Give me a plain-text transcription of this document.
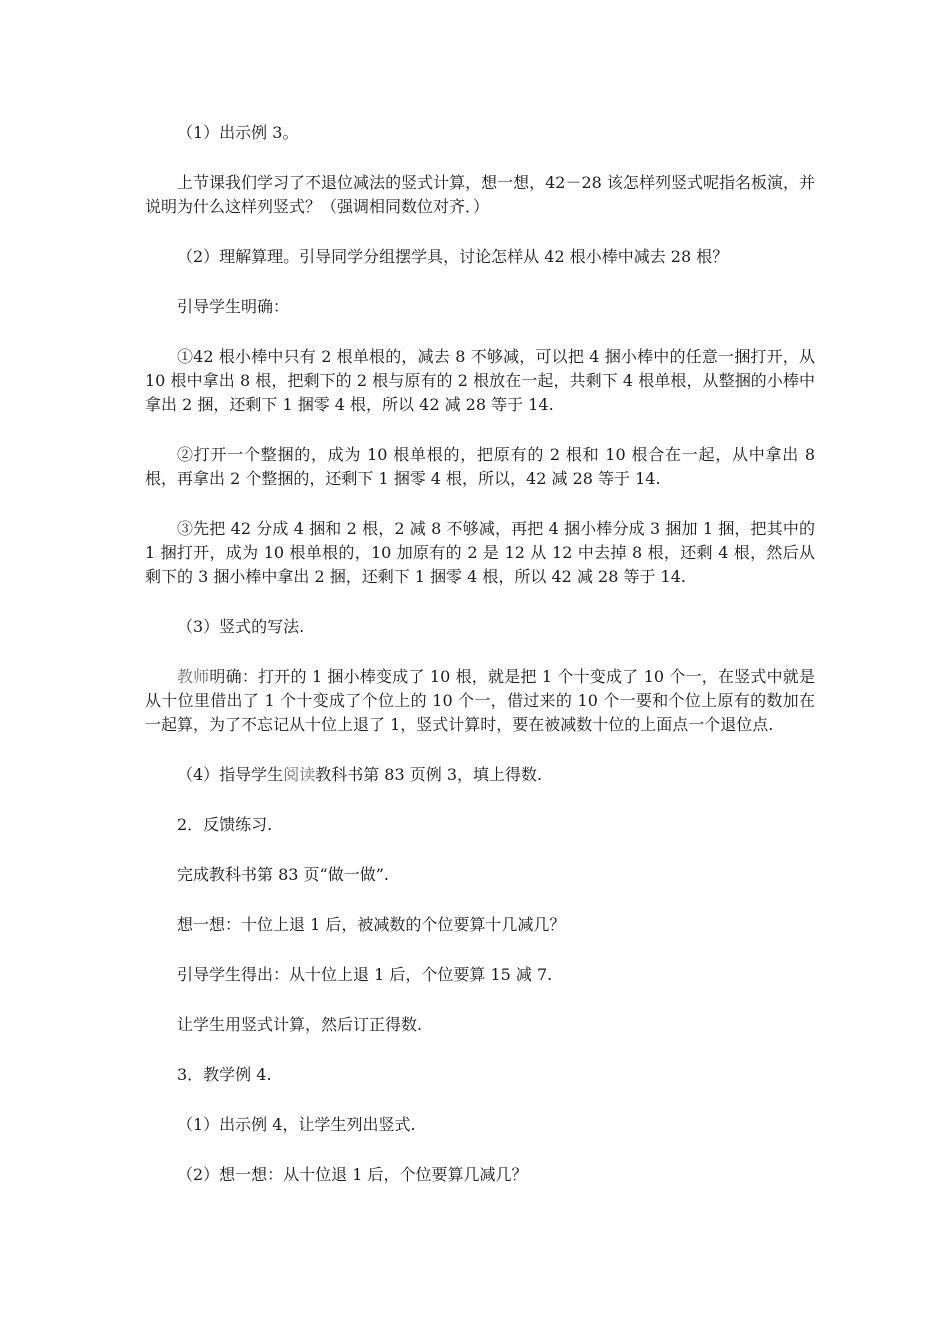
（1）出示例 3。

上节课我们学习了不退位减法的竖式计算，想一想，42－28 该怎样列竖式呢指名板演，并说明为什么这样列竖式？（强调相同数位对齐．）

（2）理解算理。引导同学分组摆学具，讨论怎样从 42 根小棒中减去 28 根？

引导学生明确：

①42 根小棒中只有 2 根单根的，减去 8 不够减，可以把 4 捆小棒中的任意一捆打开，从 10 根中拿出 8 根，把剩下的 2 根与原有的 2 根放在一起，共剩下 4 根单根，从整捆的小棒中拿出 2 捆，还剩下 1 捆零 4 根，所以 42 减 28 等于 14.

②打开一个整捆的，成为 10 根单根的，把原有的 2 根和 10 根合在一起，从中拿出 8 根，再拿出 2 个整捆的，还剩下 1 捆零 4 根，所以，42 减 28 等于 14.

③先把 42 分成 4 捆和 2 根，2 减 8 不够减，再把 4 捆小棒分成 3 捆加 1 捆，把其中的 1 捆打开，成为 10 根单根的，10 加原有的 2 是 12 从 12 中去掉 8 根，还剩 4 根，然后从剩下的 3 捆小棒中拿出 2 捆，还剩下 1 捆零 4 根，所以 42 减 28 等于 14.

（3）竖式的写法.

教师明确：打开的 1 捆小棒变成了 10 根，就是把 1 个十变成了 10 个一，在竖式中就是从十位里借出了 1 个十变成了个位上的 10 个一，借过来的 10 个一要和个位上原有的数加在一起算，为了不忘记从十位上退了 1，竖式计算时，要在被减数十位的上面点一个退位点.

（4）指导学生阅读教科书第 83 页例 3，填上得数.

2．反馈练习.

完成教科书第 83 页“做一做”.

想一想：十位上退 1 后，被减数的个位要算十几减几？

引导学生得出：从十位上退 1 后，个位要算 15 减 7.

让学生用竖式计算，然后订正得数.

3．教学例 4.

（1）出示例 4，让学生列出竖式.

（2）想一想：从十位退 1 后，个位要算几减几？
